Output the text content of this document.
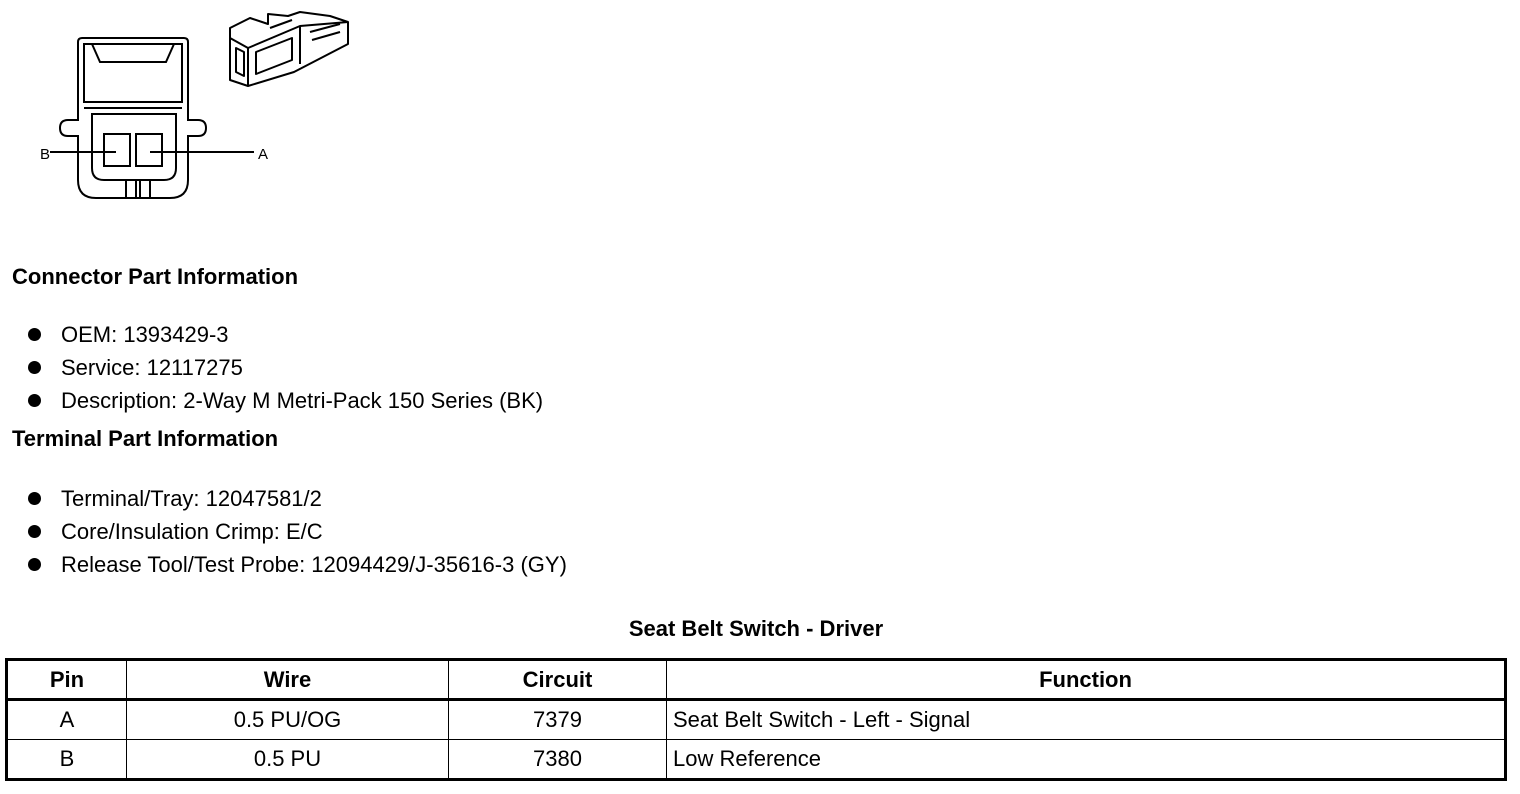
B	A
Connector Part Information
OEM: 1393429-3
Service: 12117275
Description: 2-Way M Metri-Pack 150 Series (BK)
Terminal Part Information
Terminal/Tray: 12047581/2
Core/Insulation Crimp: E/C
Release Tool/Test Probe: 12094429/J-35616-3 (GY)
Seat Belt Switch - Driver
Pin	Wire	Circuit	Function
A	0.5 PU/OG	7379	Seat Belt Switch - Left - Signal
B	0.5 PU	7380	Low Reference
